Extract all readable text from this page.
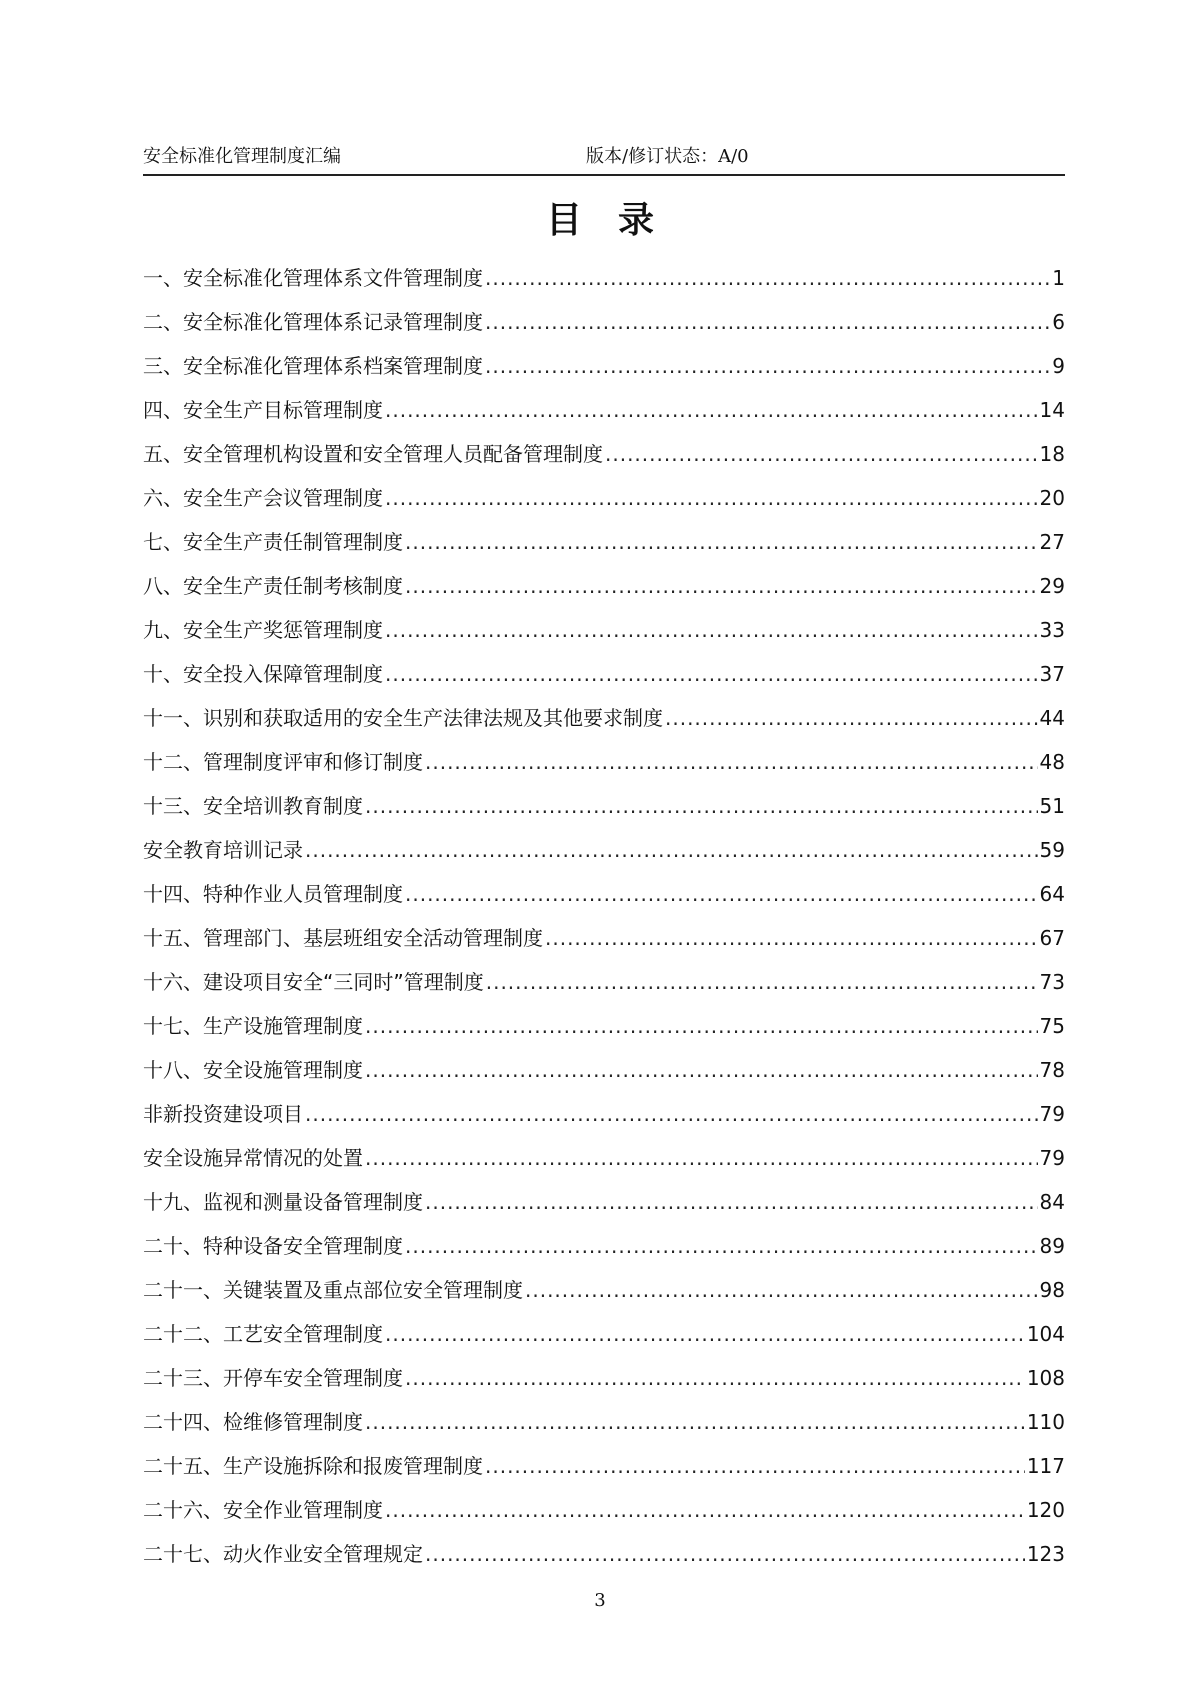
安全标准化管理制度汇编	版本/修订状态：A/0
目录
一、安全标准化管理体系文件管理制度 .....	1
二、安全标准化管理体系记录管理制度 .....	6
三、安全标准化管理体系档案管理制度 .....	9
四、安全生产目标管理制度 .....	14
五、安全管理机构设置和安全管理人员配备管理制度 .....	18
六、安全生产会议管理制度 .....	20
七、安全生产责任制管理制度 .....	27
八、安全生产责任制考核制度 .....	29
九、安全生产奖惩管理制度 .....	33
十、安全投入保障管理制度 .....	37
十一、识别和获取适用的安全生产法律法规及其他要求制度 .....	44
十二、管理制度评审和修订制度 .....	48
十三、安全培训教育制度 .....	51
安全教育培训记录 .....	59
十四、特种作业人员管理制度 .....	64
十五、管理部门、基层班组安全活动管理制度 .....	67
十六、建设项目安全“三同时”管理制度 .....	73
十七、生产设施管理制度 .....	75
十八、安全设施管理制度 .....	78
非新投资建设项目 .....	79
安全设施异常情况的处置 .....	79
十九、监视和测量设备管理制度 .....	84
二十、特种设备安全管理制度 .....	89
二十一、关键装置及重点部位安全管理制度 .....	98
二十二、工艺安全管理制度 .....	104
二十三、开停车安全管理制度 .....	108
二十四、检维修管理制度 .....	110
二十五、生产设施拆除和报废管理制度 .....	117
二十六、安全作业管理制度 .....	120
二十七、动火作业安全管理规定 .....	123
3
